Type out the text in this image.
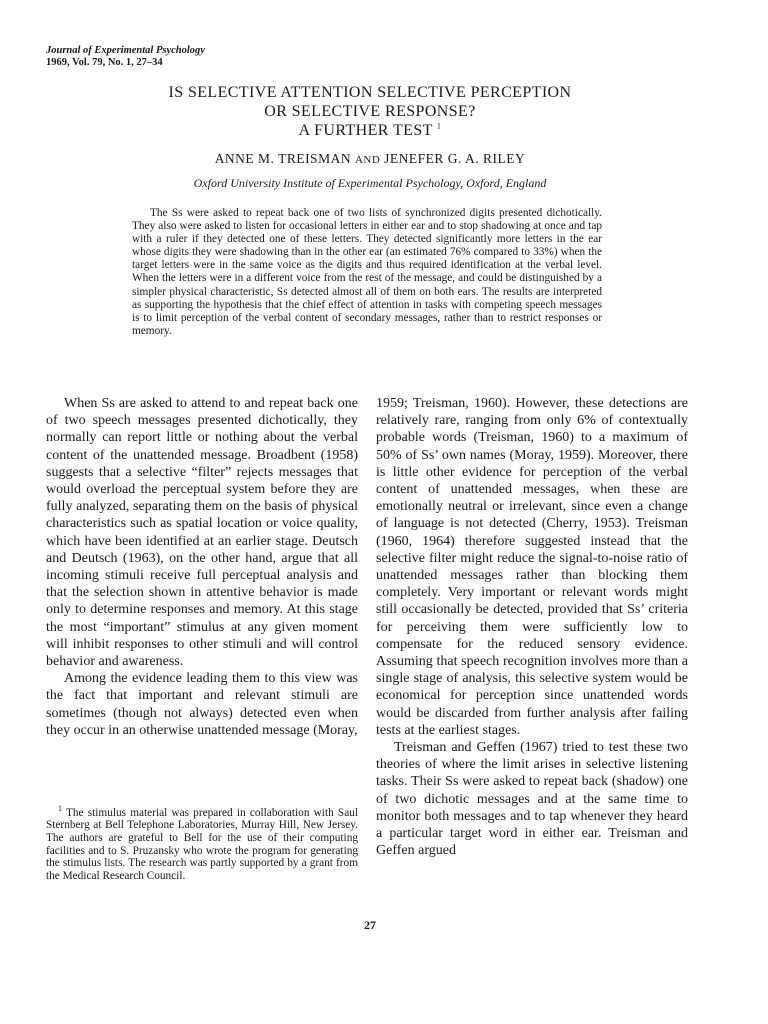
Journal of Experimental Psychology
1969, Vol. 79, No. 1, 27–34
IS SELECTIVE ATTENTION SELECTIVE PERCEPTION
OR SELECTIVE RESPONSE?
A FURTHER TEST $^1$
ANNE M. TREISMAN AND JENEFER G. A. RILEY
Oxford University Institute of Experimental Psychology, Oxford, England

The Ss were asked to repeat back one of two lists of synchronized digits presented dichotically. They also were asked to listen for occasional letters in either ear and to stop shadowing at once and tap with a ruler if they detected one of these letters. They detected significantly more letters in the ear whose digits they were shadowing than in the other ear (an estimated 76% compared to 33%) when the target letters were in the same voice as the digits and thus required identification at the verbal level. When the letters were in a different voice from the rest of the message, and could be distinguished by a simpler physical characteristic, Ss detected almost all of them on both ears. The results are interpreted as supporting the hypothesis that the chief effect of attention in tasks with competing speech messages is to limit perception of the verbal content of secondary messages, rather than to restrict responses or memory.

When Ss are asked to attend to and repeat back one of two speech messages presented dichotically, they normally can report little or nothing about the verbal content of the unattended message. Broadbent (1958) suggests that a selective “filter” rejects messages that would overload the perceptual system before they are fully analyzed, separating them on the basis of physical characteristics such as spatial location or voice quality, which have been identified at an earlier stage. Deutsch and Deutsch (1963), on the other hand, argue that all incoming stimuli receive full perceptual analysis and that the selection shown in attentive behavior is made only to determine responses and memory. At this stage the most “important” stimulus at any given moment will inhibit responses to other stimuli and will control behavior and awareness.

Among the evidence leading them to this view was the fact that important and relevant stimuli are sometimes (though not always) detected even when they occur in an otherwise unattended message (Moray,

$^1$ The stimulus material was prepared in collaboration with Saul Sternberg at Bell Telephone Laboratories, Murray Hill, New Jersey. The authors are grateful to Bell for the use of their computing facilities and to S. Pruzansky who wrote the program for generating the stimulus lists. The research was partly supported by a grant from the Medical Research Council.

1959; Treisman, 1960). However, these detections are relatively rare, ranging from only 6% of contextually probable words (Treisman, 1960) to a maximum of 50% of Ss’ own names (Moray, 1959). Moreover, there is little other evidence for perception of the verbal content of unattended messages, when these are emotionally neutral or irrelevant, since even a change of language is not detected (Cherry, 1953). Treisman (1960, 1964) therefore suggested instead that the selective filter might reduce the signal-to-noise ratio of unattended messages rather than blocking them completely. Very important or relevant words might still occasionally be detected, provided that Ss’ criteria for perceiving them were sufficiently low to compensate for the reduced sensory evidence. Assuming that speech recognition involves more than a single stage of analysis, this selective system would be economical for perception since unattended words would be discarded from further analysis after failing tests at the earliest stages.

Treisman and Geffen (1967) tried to test these two theories of where the limit arises in selective listening tasks. Their Ss were asked to repeat back (shadow) one of two dichotic messages and at the same time to monitor both messages and to tap whenever they heard a particular target word in either ear. Treisman and Geffen argued

27
